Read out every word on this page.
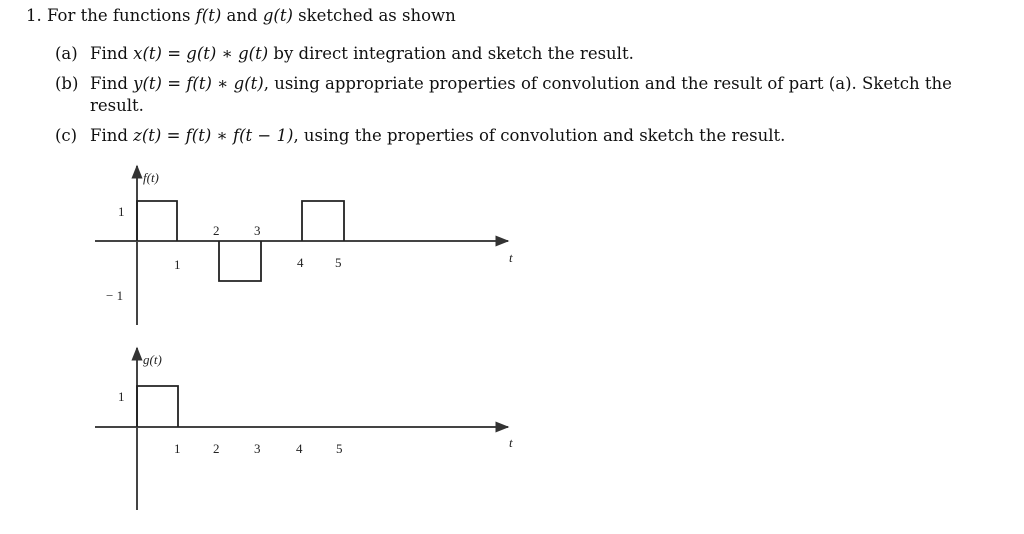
1. For the functions f(t) and g(t) sketched as shown
(a) Find x(t) = g(t) ∗ g(t) by direct integration and sketch the result.
(b) Find y(t) = f(t) ∗ g(t), using appropriate properties of convolution and the result of part (a). Sketch the
result.
(c) Find z(t) = f(t) ∗ f(t − 1), using the properties of convolution and sketch the result.
f(t)
1
− 1
1
2	3
4 5	t
g(t)
1
1	2	3	4	5	t
